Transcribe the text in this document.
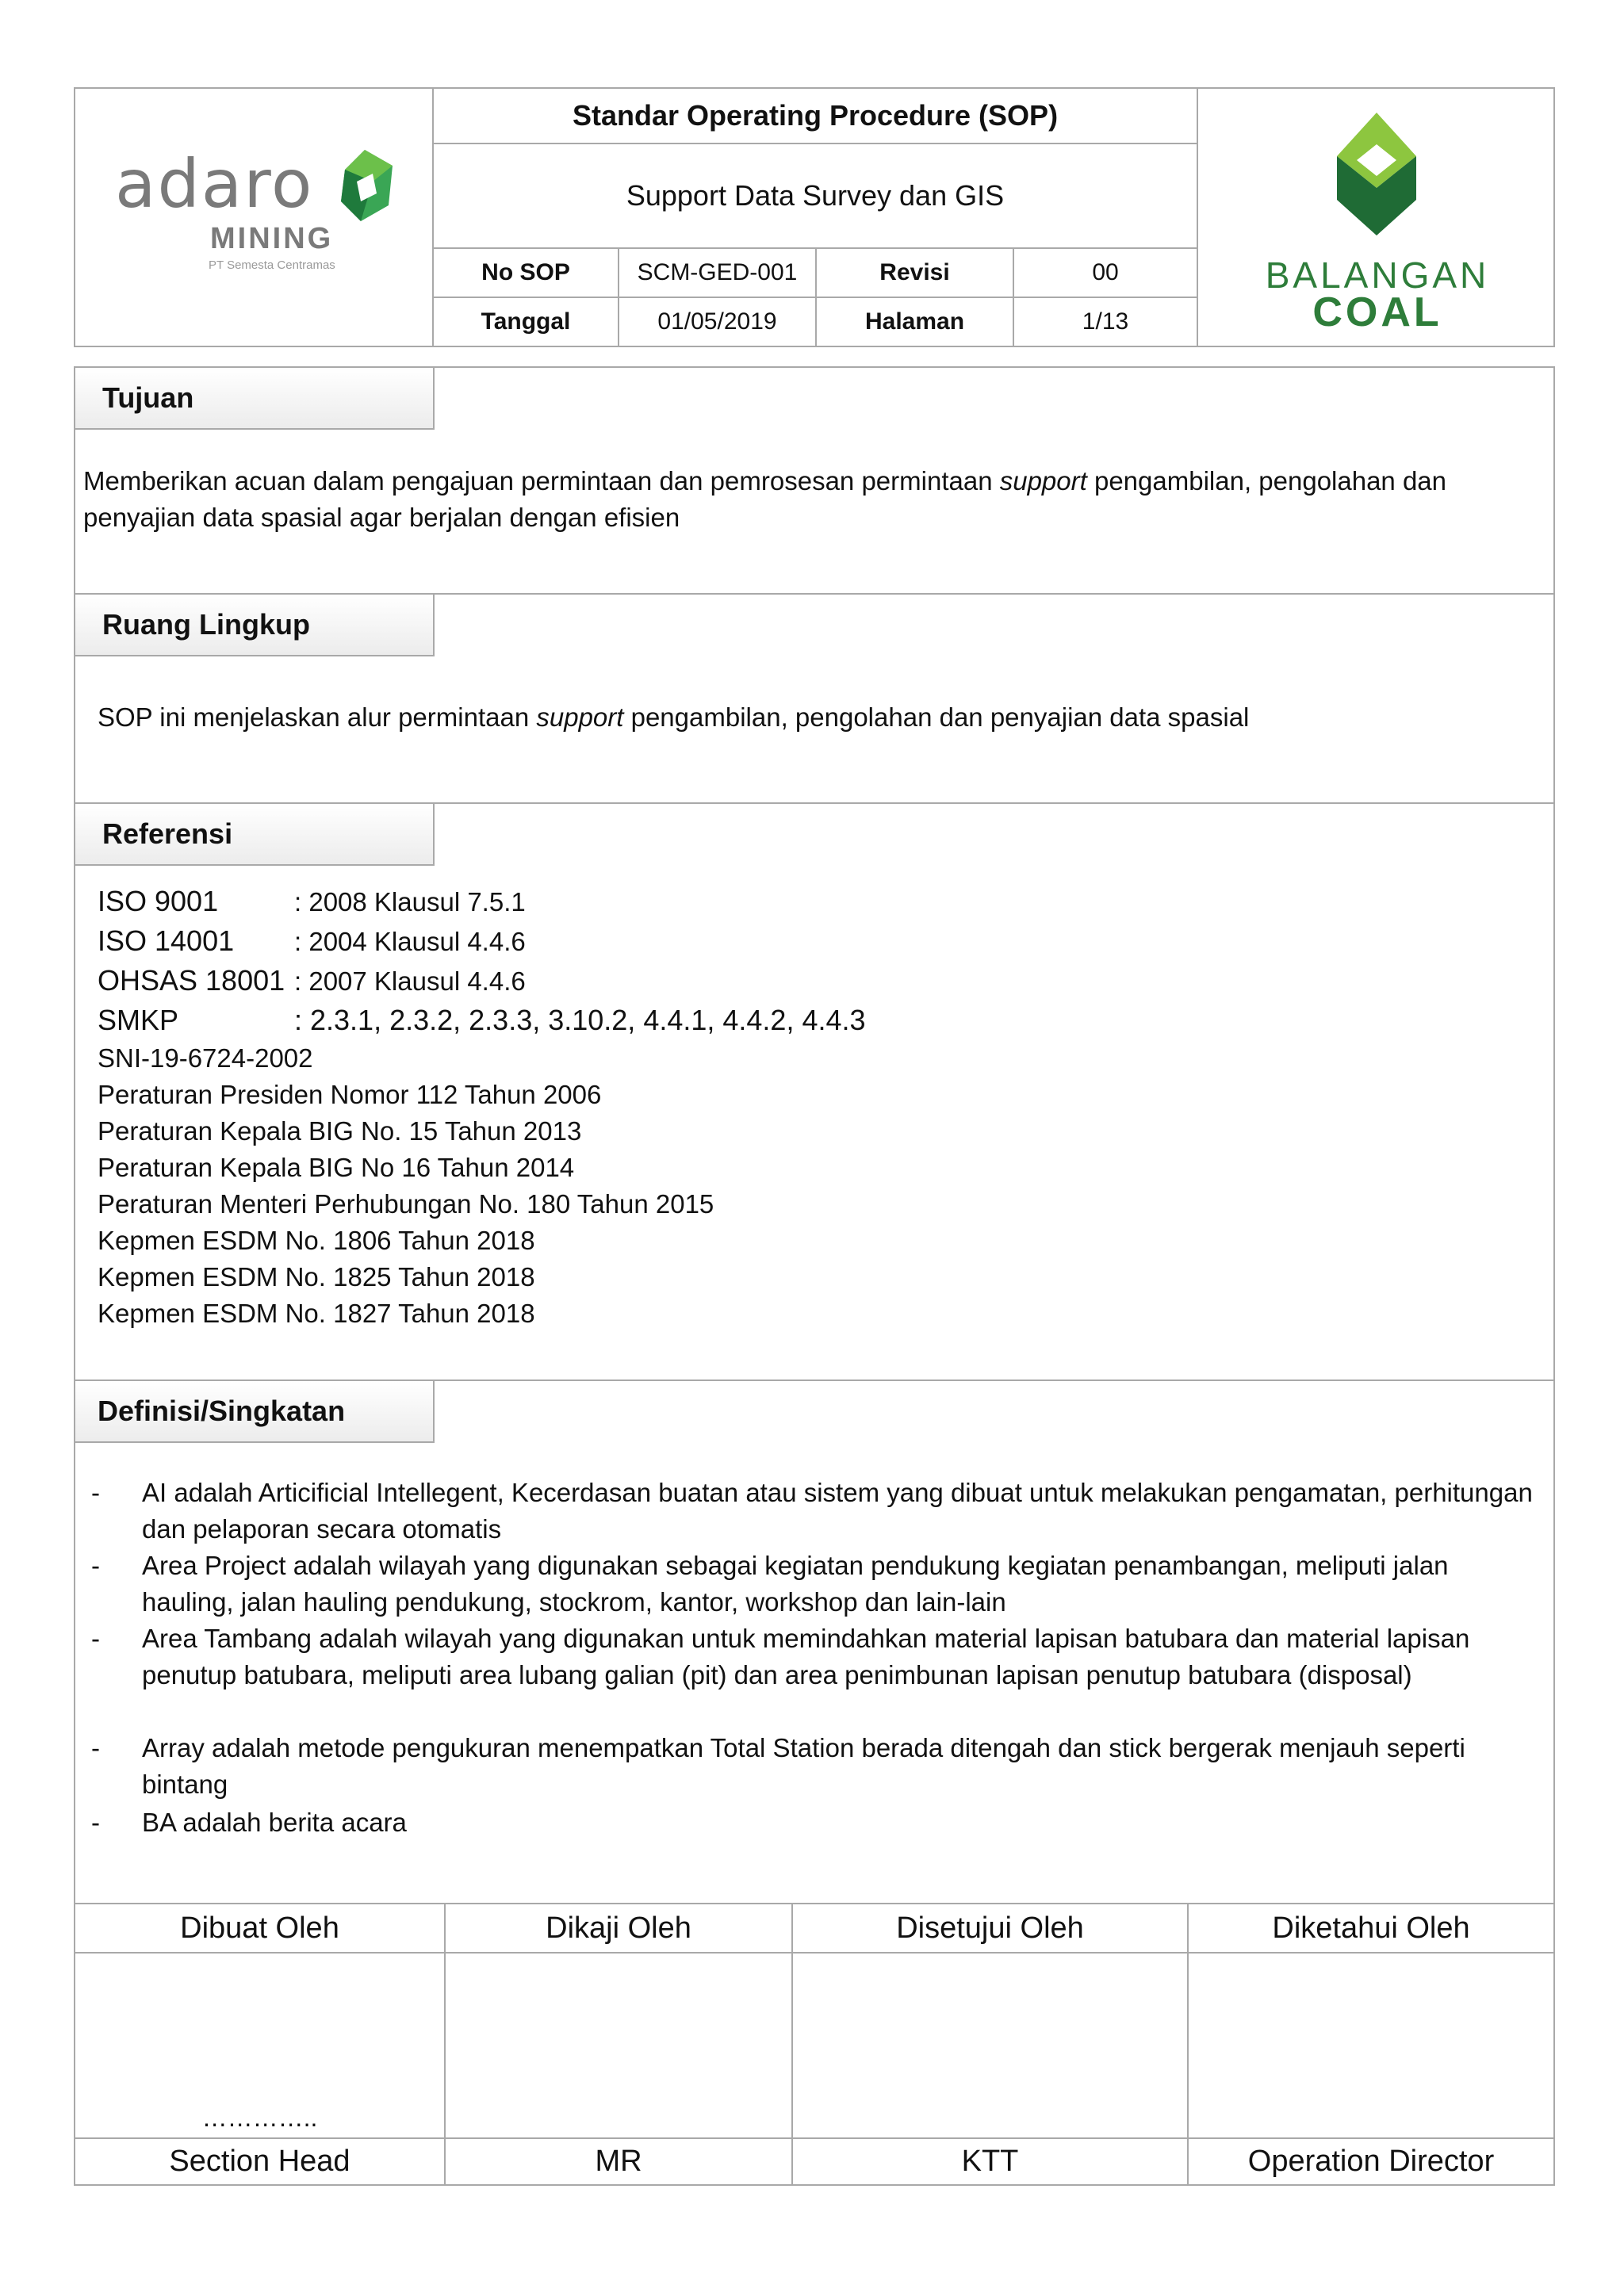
adaro
MINING
PT Semesta Centramas
Standar Operating Procedure (SOP)
Support Data Survey dan GIS
No SOP	SCM-GED-001	Revisi	00
Tanggal	01/05/2019	Halaman	1/13
BALANGAN
COAL
Tujuan
Memberikan acuan dalam pengajuan permintaan dan pemrosesan permintaan support pengambilan, pengolahan dan penyajian data spasial agar berjalan dengan efisien
Ruang Lingkup
SOP ini menjelaskan alur permintaan support pengambilan, pengolahan dan penyajian data spasial
Referensi
ISO 9001	: 2008 Klausul 7.5.1
ISO 14001 : 2004 Klausul 4.4.6
OHSAS 18001 : 2007 Klausul 4.4.6
SMKP	: 2.3.1, 2.3.2, 2.3.3, 3.10.2, 4.4.1, 4.4.2, 4.4.3
SNI-19-6724-2002
Peraturan Presiden Nomor 112 Tahun 2006
Peraturan Kepala BIG No. 15 Tahun 2013
Peraturan Kepala BIG No 16 Tahun 2014
Peraturan Menteri Perhubungan No. 180 Tahun 2015
Kepmen ESDM No. 1806 Tahun 2018
Kepmen ESDM No. 1825 Tahun 2018
Kepmen ESDM No. 1827 Tahun 2018
Definisi/Singkatan
- AI adalah Articificial Intellegent, Kecerdasan buatan atau sistem yang dibuat untuk melakukan pengamatan, perhitungan dan pelaporan secara otomatis
- Area Project adalah wilayah yang digunakan sebagai kegiatan pendukung kegiatan penambangan, meliputi jalan hauling, jalan hauling pendukung, stockrom, kantor, workshop dan lain-lain
- Area Tambang adalah wilayah yang digunakan untuk memindahkan material lapisan batubara dan material lapisan penutup batubara, meliputi area lubang galian (pit) dan area penimbunan lapisan penutup batubara (disposal)
- Array adalah metode pengukuran menempatkan Total Station berada ditengah dan stick bergerak menjauh seperti bintang
- BA adalah berita acara
Dibuat Oleh	Dikaji Oleh	Disetujui Oleh	Diketahui Oleh
…………..
Section Head	MR	KTT	Operation Director
